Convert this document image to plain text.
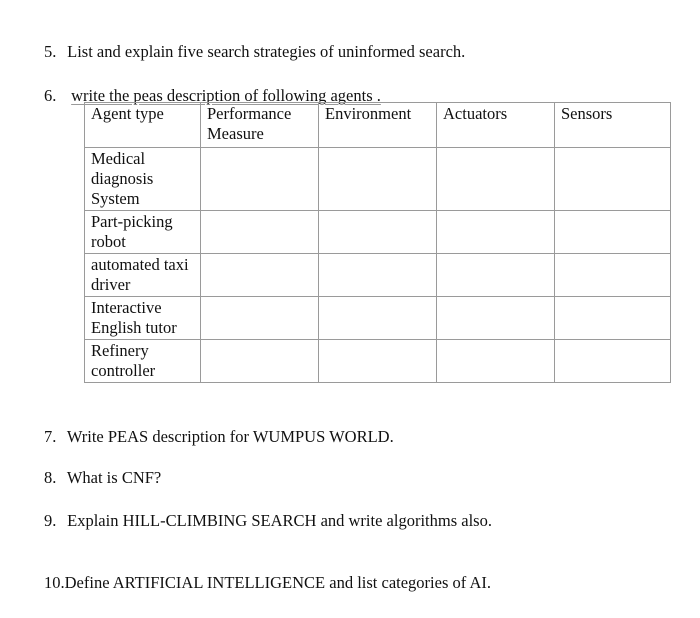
5. List and explain five search strategies of uninformed search.
6. write the peas description of following agents .
Agent type	Performance Measure	Environment	Actuators	Sensors
Medical diagnosis System				
Part-picking robot				
automated taxi driver				
Interactive English tutor				
Refinery controller				
7. Write PEAS description for WUMPUS WORLD.
8. What is CNF?
9. Explain HILL-CLIMBING SEARCH and write algorithms also.
10.Define ARTIFICIAL INTELLIGENCE and list categories of AI.
